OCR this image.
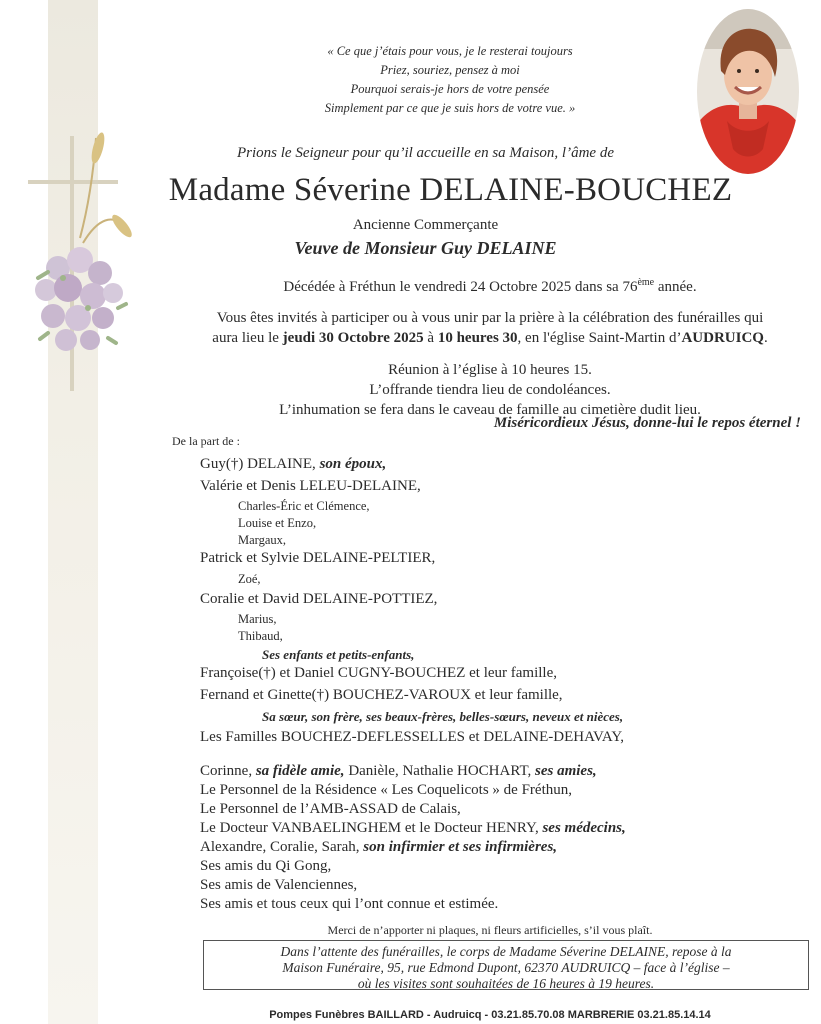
« Ce que j’étais pour vous, je le resterai toujours
Priez, souriez, pensez à moi
Pourquoi serais-je hors de votre pensée
Simplement par ce que je suis hors de votre vue. »
Prions le Seigneur pour qu’il accueille en sa Maison, l’âme de
Madame Séverine DELAINE-BOUCHEZ
Ancienne Commerçante
Veuve de Monsieur Guy DELAINE
Décédée à Fréthun le vendredi 24 Octobre 2025 dans sa 76ème année.
Vous êtes invités à participer ou à vous unir par la prière à la célébration des funérailles qui
aura lieu le jeudi 30 Octobre 2025 à 10 heures 30, en l'église Saint-Martin d’AUDRUICQ.
Réunion à l’église à 10 heures 15.
L’offrande tiendra lieu de condoléances.
L’inhumation se fera dans le caveau de famille au cimetière dudit lieu.
Miséricordieux Jésus, donne-lui le repos éternel !
De la part de :
Guy(†) DELAINE, son époux,
Valérie et Denis LELEU-DELAINE,
Charles-Éric et Clémence,
Louise et Enzo,
Margaux,
Patrick et Sylvie DELAINE-PELTIER,
Zoé,
Coralie et David DELAINE-POTTIEZ,
Marius,
Thibaud,
Ses enfants et petits-enfants,
Françoise(†) et Daniel CUGNY-BOUCHEZ et leur famille,
Fernand et Ginette(†) BOUCHEZ-VAROUX et leur famille,
Sa sœur, son frère, ses beaux-frères, belles-sœurs, neveux et nièces,
Les Familles BOUCHEZ-DEFLESSELLES et DELAINE-DEHAVAY,
Corinne, sa fidèle amie, Danièle, Nathalie HOCHART, ses amies,
Le Personnel de la Résidence « Les Coquelicots » de Fréthun,
Le Personnel de l’AMB-ASSAD de Calais,
Le Docteur VANBAELINGHEM et le Docteur HENRY, ses médecins,
Alexandre, Coralie, Sarah, son infirmier et ses infirmières,
Ses amis du Qi Gong,
Ses amis de Valenciennes,
Ses amis et tous ceux qui l’ont connue et estimée.
Merci de n’apporter ni plaques, ni fleurs artificielles, s’il vous plaît.
Dans l’attente des funérailles, le corps de Madame Séverine DELAINE, repose à la
Maison Funéraire, 95, rue Edmond Dupont, 62370 AUDRUICQ – face à l’église –
où les visites sont souhaitées de 16 heures à 19 heures.
Pompes Funèbres BAILLARD - Audruicq - 03.21.85.70.08 MARBRERIE 03.21.85.14.14
